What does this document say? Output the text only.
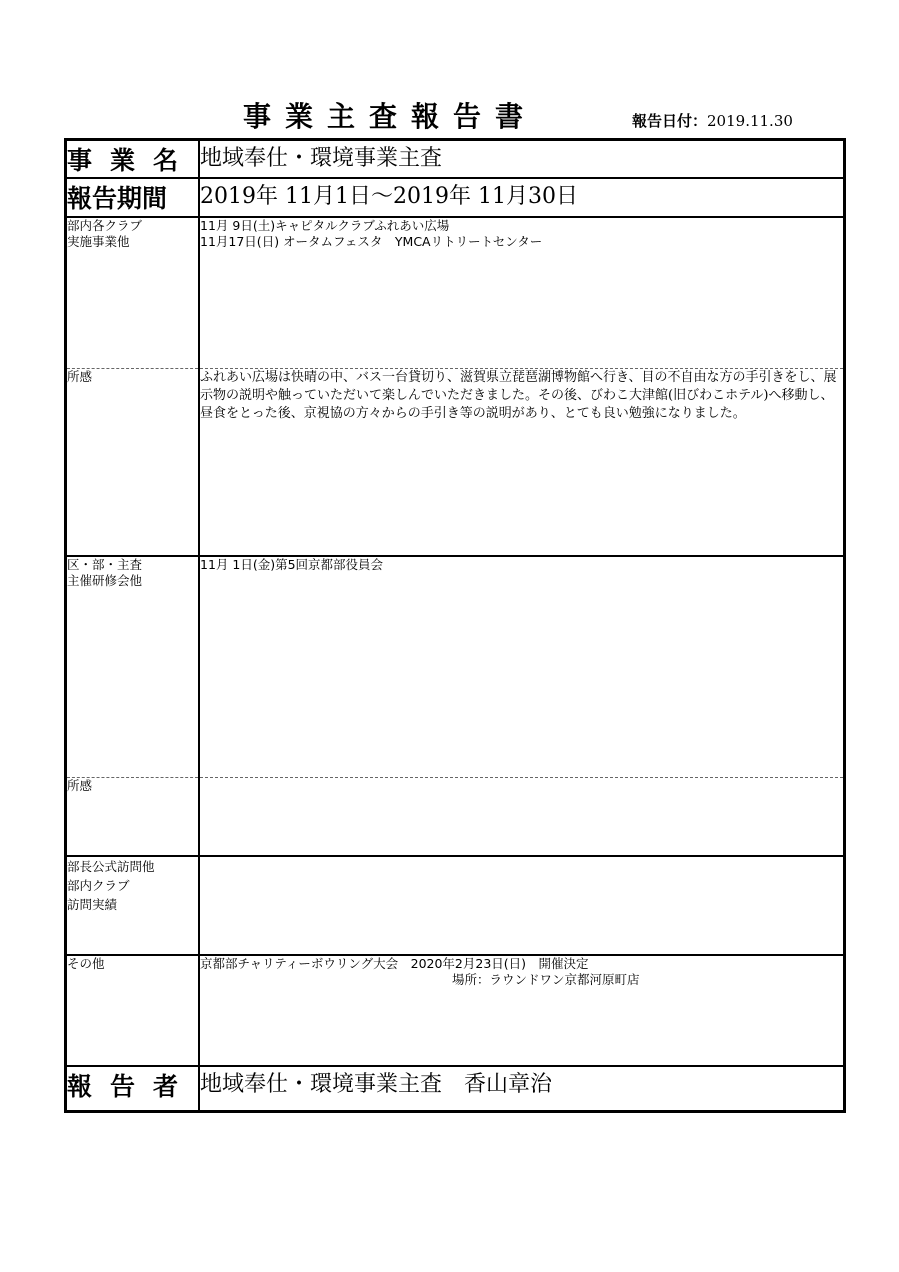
事業主査報告書	報告日付：2019.11.30
事業名	地域奉仕・環境事業主査
報告期間	2019年 11月1日～2019年 11月30日

部内各クラブ
実施事業他	11月 9日(土)キャピタルクラブふれあい広場
11月17日(日) オータムフェスタ　YMCAリトリートセンター

所感	ふれあい広場は快晴の中、バス一台貸切り、滋賀県立琵琶湖博物館へ行き、目の不自由な方の手引きをし、展示物の説明や触っていただいて楽しんでいただきました。その後、びわこ大津館(旧びわこホテル)へ移動し、昼食をとった後、京視協の方々からの手引き等の説明があり、とても良い勉強になりました。

区・部・主査
主催研修会他	11月 1日(金)第5回京都部役員会

所感	

部長公式訪問他
部内クラブ
訪問実績	

その他	京都部チャリティーボウリング大会　2020年2月23日(日)　開催決定
場所：ラウンドワン京都河原町店

報告者	地域奉仕・環境事業主査　香山章治
